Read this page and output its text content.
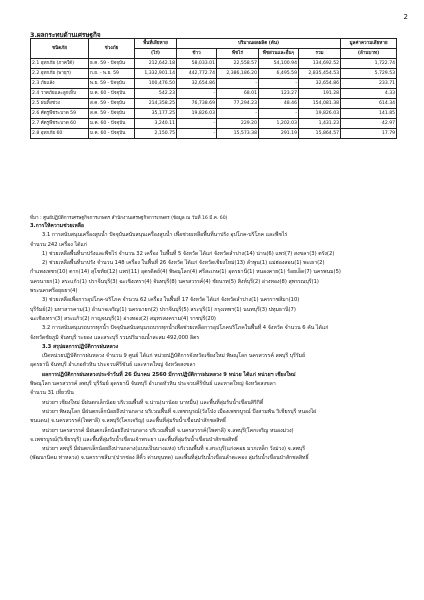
2
3.ผลกระทบด้านเศรษฐกิจ
ชนิดภัย	ช่วงภัย	พื้นที่เสียหาย	ปริมาณผลผลิต (ตัน)				มูลค่าความเสียหาย
		(ไร่)	ข้าว	พืชไร่	พืชสวนและอื่นๆ	รวม	(ล้านบาท)
2.1 อุทกภัย (ภาคใต้)	ธ.ค. 59 - ปัจจุบัน	212,642.18	58,033.01	22,558.57	54,100.94	134,692.52	1,722.74
2.2 อุทกภัย (พายุฯ)	ก.ย. - พ.ย. 59	1,332,901.14	442,772.74	2,386,186.20	6,495.59	2,835,454.53	5,729.53
2.3 ภัยแล้ง	พ.ย. 59 - ปัจจุบัน	100,476.50	32,654.86	-	-	32,654.86	233.71
2.4 วาตภัยและลูกเห็บ	ม.ค. 60 - ปัจจุบัน	542.23	-	68.01	123.27	191.28	4.33
2.5 ฝนทิ้งช่วง	ส.ค. 59 - ปัจจุบัน	214,358.25	76,738.69	77,294.23	48.46	154,081.38	614.34
2.6 ศัตรูพืชระบาด 59	ส.ค. 59 - ปัจจุบัน	35,177.25	19,826.03	-	-	19,826.03	141.85
2.7 ศัตรูพืชระบาด 60	ม.ค. 60 - ปัจจุบัน	3,240.11	-	229.20	1,202.03	1,431.23	42.97
2.8 อุทกภัย 60	ม.ค. 60 - ปัจจุบัน	2,150.75	-	15,573.38	291.19	15,864.57	17.79
ที่มา : ศูนย์ปฏิบัติการเศรษฐกิจการเกษตร สำนักงานเศรษฐกิจการเกษตร (ข้อมูล ณ วันที่ 16 มี.ค. 60)

3.การให้ความช่วยเหลือ

3.1 การสนับสนุนเครื่องสูบน้ำ ปัจจุบันสนับสนุนเครื่องสูบน้ำ เพื่อช่วยเหลือพื้นที่นาปรัง อุปโภค-บริโภค และพืชไร่

จำนวน 242 เครื่อง ได้แก่

1) ช่วยเหลือพื้นที่นาปรังและพืชไร่ จำนวน 32 เครื่อง ในพื้นที่ 5 จังหวัด ได้แก่ จังหวัดลำปาง(14) น่าน(6) แพร่(7) สงขลา(3) ตรัง(2)

2) ช่วยเหลือพื้นที่นาปรัง จำนวน 148 เครื่อง ในพื้นที่ 26 จังหวัด ได้แก่ จังหวัดเชียงใหม่(13) ลำพูน(1) แม่ฮ่องสอน(1) พะเยา(2)

กำแพงเพชร(10) ตาก(14) สุโขทัย(12) แพร่(11) อุตรดิตถ์(4) พิษณุโลก(4) ศรีสะเกษ(1) อุดรธานี(1) หนองคาย(1) ร้อยเอ็ด(7) นครพนม(5)

นครนายก(1) สระแก้ว(1) ปราจีนบุรี(3) ฉะเชิงเทรา(4) จันทบุรี(8) นครสวรรค์(4) ชัยนาท(5) สิงห์บุรี(2) อ่างทอง(8) สุพรรณบุรี(1)

พระนครศรีอยุธยา(4)

3) ช่วยเหลือเพื่อการอุปโภค-บริโภค จำนวน 62 เครื่อง ในพื้นที่ 17 จังหวัด ได้แก่ จังหวัดลำปาง(1) นครราชสีมา(10)

บุรีรัมย์(2) มหาสารคาม(1) อำนาจเจริญ(1) นครนายก(2) ปราจีนบุรี(5) สระบุรี(1) กรุงเทพฯ(1) นนทบุรี(3) ปทุมธานี(7)

ฉะเชิงเทรา(3) สระแก้ว(2) กาญจนบุรี(1) อ่างทอง(2) สมุทรสงคราม(4) ราชบุรี(20)

3.2 การสนับสนุนรถบรรทุกน้ำ ปัจจุบันสนับสนุนรถบรรทุกน้ำเพื่อช่วยเหลือการอุปโภคบริโภคในพื้นที่ 4 จังหวัด จำนวน 6 คัน ได้แก่

จังหวัดชัยภูมิ จันทบุรี ระยอง และสระบุรี รวมปริมาณน้ำสะสม 492,000 ลิตร

3.3 สรุปผลการปฏิบัติการฝนหลวง

เปิดหน่วยปฏิบัติการฝนหลวง จำนวน 9 ศูนย์ ได้แก่ หน่วยปฏิบัติการจังหวัดเชียงใหม่ พิษณุโลก นครสวรรค์ ลพบุรี บุรีรัมย์

อุดรธานี จันทบุรี อำเภอหัวหิน ประจวบคีรีขันธ์ และหาดใหญ่ จังหวัดสงขลา

ผลการปฏิบัติการฝนหลวงประจำวันที่ 26 มีนาคม 2560 มีการปฏิบัติการฝนหลวง 9 หน่วย ได้แก่ หน่วยฯ เชียงใหม่

พิษณุโลก นครสวรรค์ ลพบุรี บุรีรัมย์ อุดรธานี จันทบุรี อำเภอหัวหิน ประจวบคีรีขันธ์ และหาดใหญ่ จังหวัดสงขลา

จำนวน 31 เที่ยวบิน

หน่วยฯ เชียงใหม่ มีฝนตกเล็กน้อย บริเวณพื้นที่ จ.น่าน(นาน้อย นาหมื่น) และพื้นที่ลุ่มรับน้ำเขื่อนสิริกิติ์

หน่วยฯ พิษณุโลก มีฝนตกเล็กน้อยถึงปานกลาง บริเวณพื้นที่ จ.เพชรบูรณ์(วังโป่ง เมืองเพชรบูรณ์ บึงสามพัน วิเชียรบุรี หนองไผ่

ชนแดน) จ.นครสวรรค์(ไพศาลี) จ.ลพบุรี(โคกเจริญ) และพื้นที่ลุ่มรับน้ำเขื่อนป่าสักชลสิทธิ์

หน่วยฯ นครสวรรค์ มีฝนตกเล็กน้อยถึงปานกลาง บริเวณพื้นที่ จ.นครสวรรค์(ไพศาลี) จ.ลพบุรี(โคกเจริญ หนองม่วง)

จ.เพชรบูรณ์(วิเชียรบุรี) และพื้นที่ลุ่มรับน้ำเขื่อนเจ้าพระยา และพื้นที่ลุ่มรับน้ำเขื่อนป่าสักชลสิทธิ์

หน่วยฯ ลพบุรี มีฝนตกเล็กน้อยถึงปานกลาง(แบบเป็นบางแห่ง) บริเวณพื้นที่ จ.สระบุรี(แก่งคอย มวกเหล็ก วังม่วง) จ.ลพบุรี

(พัฒนานิคม ท่าหลวง) จ.นครราชสีมา(ปากช่อง สีคิ้ว ด่านขุนทด) และพื้นที่ลุ่มรับน้ำเขื่อนลำตะคอง ลุ่มรับน้ำเขื่อนป่าสักชลสิทธิ์
